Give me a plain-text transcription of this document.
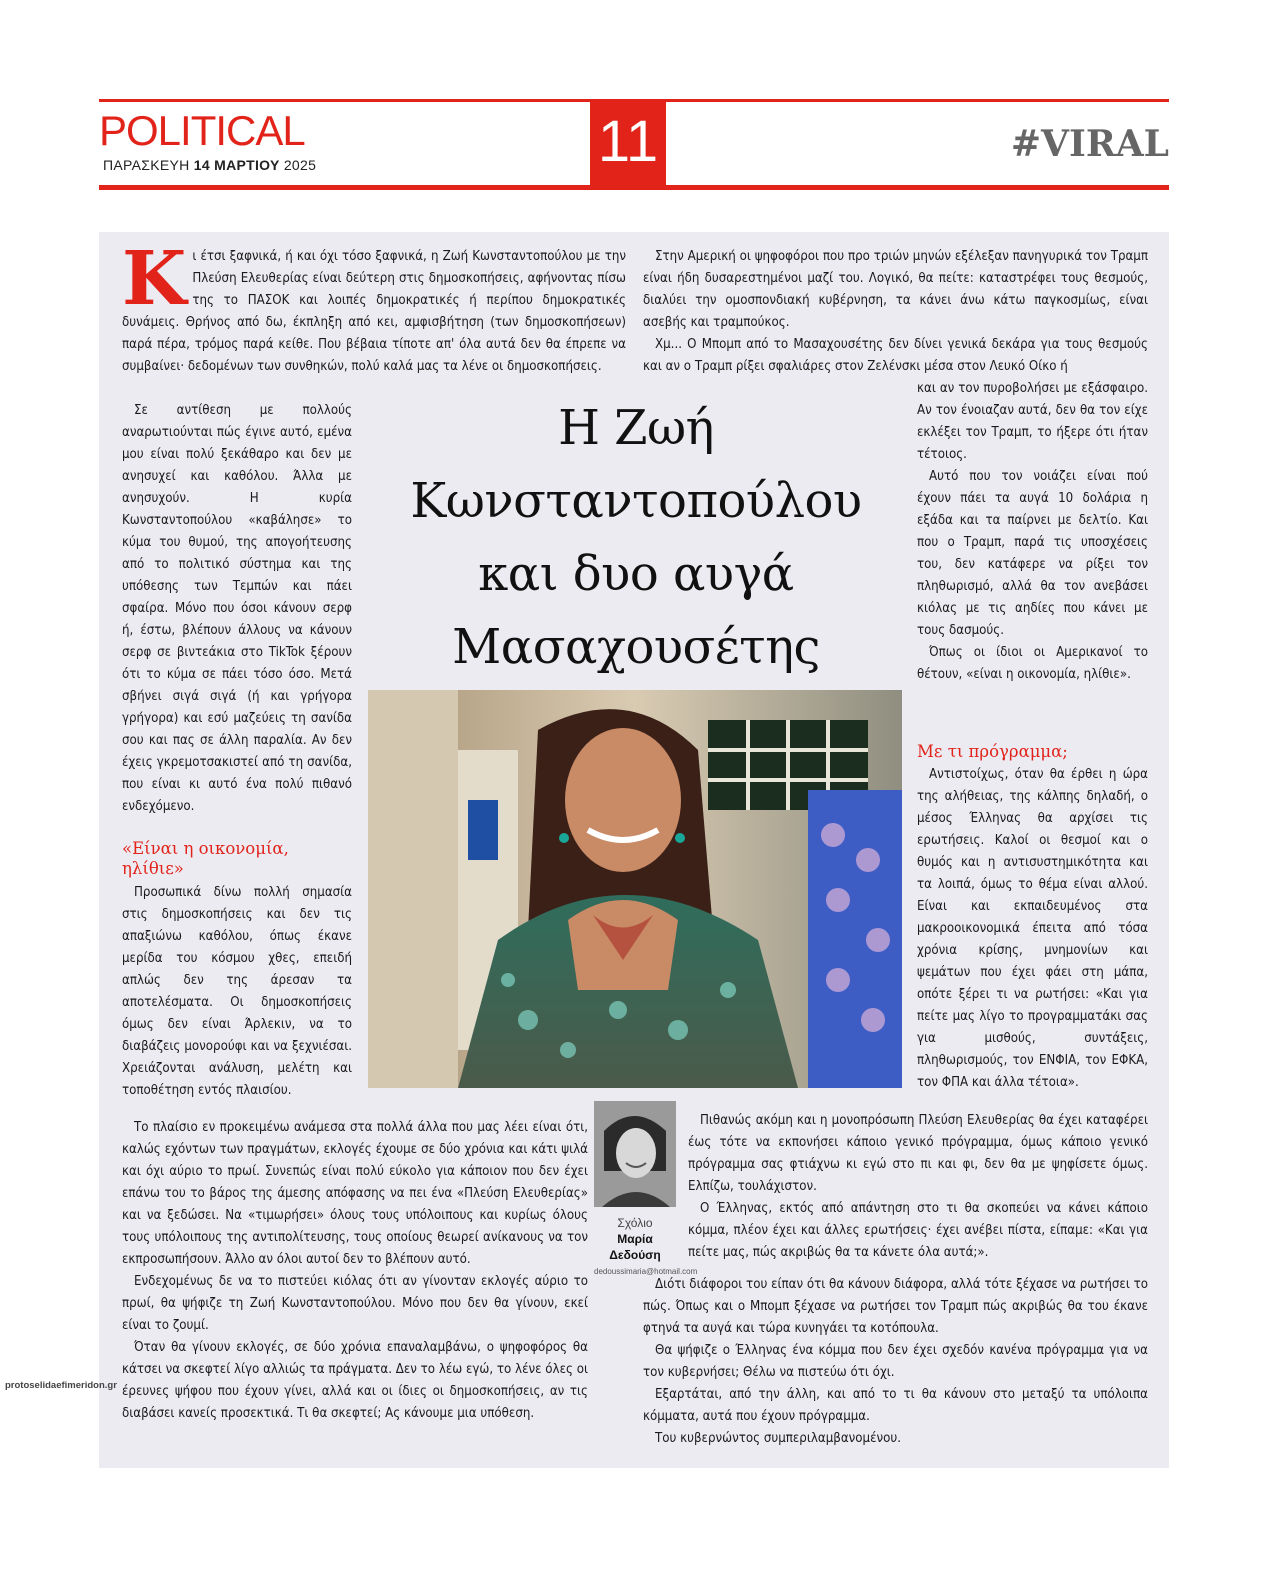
POLITICAL
ΠΑΡΑΣΚΕΥΗ 14 ΜΑΡΤΙΟΥ 2025	11	#VIRAL
Κ ι έτσι ξαφνικά, ή και όχι τόσο ξαφνικά, η Ζωή Κωνσταντοπούλου με την Πλεύση Ελευθερίας είναι δεύτερη στις δημοσκοπήσεις, αφήνοντας πίσω της το ΠΑΣΟΚ και λοιπές δημοκρατικές ή περίπου δημοκρατικές δυνάμεις. Θρήνος από δω, έκπληξη από κει, αμφισβήτηση (των δημοσκοπήσεων) παρά πέρα, τρόμος παρά κείθε. Που βέβαια τίποτε απ' όλα αυτά δεν θα έπρεπε να συμβαίνει· δεδομένων των συνθηκών, πολύ καλά μας τα λένε οι δημοσκοπήσεις.

Σε αντίθεση με πολλούς αναρωτιούνται πώς έγινε αυτό, εμένα μου είναι πολύ ξεκάθαρο και δεν με ανησυχεί και καθόλου. Άλλα με ανησυχούν. Η κυρία Κωνσταντοπούλου «καβάλησε» το κύμα του θυμού, της απογοήτευσης από το πολιτικό σύστημα και της υπόθεσης των Τεμπών και πάει σφαίρα. Μόνο που όσοι κάνουν σερφ ή, έστω, βλέπουν άλλους να κάνουν σερφ σε βιντεάκια στο TikTok ξέρουν ότι το κύμα σε πάει τόσο όσο. Μετά σβήνει σιγά σιγά (ή και γρήγορα γρήγορα) και εσύ μαζεύεις τη σανίδα σου και πας σε άλλη παραλία. Αν δεν έχεις γκρεμοτσακιστεί από τη σανίδα, που είναι κι αυτό ένα πολύ πιθανό ενδεχόμενο.

«Είναι η οικονομία, ηλίθιε»

Προσωπικά δίνω πολλή σημασία στις δημοσκοπήσεις και δεν τις απαξιώνω καθόλου, όπως έκανε μερίδα του κόσμου χθες, επειδή απλώς δεν της άρεσαν τα αποτελέσματα. Οι δημοσκοπήσεις όμως δεν είναι Άρλεκιν, να το διαβάζεις μονορούφι και να ξεχνιέσαι. Χρειάζονται ανάλυση, μελέτη και τοποθέτηση εντός πλαισίου.

Η Ζωή
Κωνσταντοπούλου
και δυο αυγά
Μασαχουσέτης

Στην Αμερική οι ψηφοφόροι που προ τριών μηνών εξέλεξαν πανηγυρικά τον Τραμπ είναι ήδη δυσαρεστημένοι μαζί του. Λογικό, θα πείτε: καταστρέφει τους θεσμούς, διαλύει την ομοσπονδιακή κυβέρνηση, τα κάνει άνω κάτω παγκοσμίως, είναι ασεβής και τραμπούκος.

Χμ... Ο Μπομπ από το Μασαχουσέτης δεν δίνει γενικά δεκάρα για τους θεσμούς και αν ο Τραμπ ρίξει σφαλιάρες στον Ζελένσκι μέσα στον Λευκό Οίκο ή

και αν τον πυροβολήσει με εξάσφαιρο. Αν τον ένοιαζαν αυτά, δεν θα τον είχε εκλέξει τον Τραμπ, το ήξερε ότι ήταν τέτοιος.

Αυτό που τον νοιάζει είναι πού έχουν πάει τα αυγά 10 δολάρια η εξάδα και τα παίρνει με δελτίο. Και που ο Τραμπ, παρά τις υποσχέσεις του, δεν κατάφερε να ρίξει τον πληθωρισμό, αλλά θα τον ανεβάσει κιόλας με τις αηδίες που κάνει με τους δασμούς.

Όπως οι ίδιοι οι Αμερικανοί το θέτουν, «είναι η οικονομία, ηλίθιε».

Με τι πρόγραμμα;

Αντιστοίχως, όταν θα έρθει η ώρα της αλήθειας, της κάλπης δηλαδή, ο μέσος Έλληνας θα αρχίσει τις ερωτήσεις. Καλοί οι θεσμοί και ο θυμός και η αντισυστημικότητα και τα λοιπά, όμως το θέμα είναι αλλού. Είναι και εκπαιδευμένος στα μακροοικονομικά έπειτα από τόσα χρόνια κρίσης, μνημονίων και ψεμάτων που έχει φάει στη μάπα, οπότε ξέρει τι να ρωτήσει: «Και για πείτε μας λίγο το προγραμματάκι σας για μισθούς, συντάξεις, πληθωρισμούς, τον ΕΝΦΙΑ, τον ΕΦΚΑ, τον ΦΠΑ και άλλα τέτοια».

Το πλαίσιο εν προκειμένω ανάμεσα στα πολλά άλλα που μας λέει είναι ότι, καλώς εχόντων των πραγμάτων, εκλογές έχουμε σε δύο χρόνια και κάτι ψιλά και όχι αύριο το πρωί. Συνεπώς είναι πολύ εύκολο για κάποιον που δεν έχει επάνω του το βάρος της άμεσης απόφασης να πει ένα «Πλεύση Ελευθερίας» και να ξεδώσει. Να «τιμωρήσει» όλους τους υπόλοιπους και κυρίως όλους τους υπόλοιπους της αντιπολίτευσης, τους οποίους θεωρεί ανίκανους να τον εκπροσωπήσουν. Άλλο αν όλοι αυτοί δεν το βλέπουν αυτό.

Ενδεχομένως δε να το πιστεύει κιόλας ότι αν γίνονταν εκλογές αύριο το πρωί, θα ψήφιζε τη Ζωή Κωνσταντοπούλου. Μόνο που δεν θα γίνουν, εκεί είναι το ζουμί.

Όταν θα γίνουν εκλογές, σε δύο χρόνια επαναλαμβάνω, ο ψηφοφόρος θα κάτσει να σκεφτεί λίγο αλλιώς τα πράγματα. Δεν το λέω εγώ, το λένε όλες οι έρευνες ψήφου που έχουν γίνει, αλλά και οι ίδιες οι δημοσκοπήσεις, αν τις διαβάσει κανείς προσεκτικά. Τι θα σκεφτεί; Ας κάνουμε μια υπόθεση.

Σχόλιο
Μαρία
Δεδούση
dedoussimaria@hotmail.com

Πιθανώς ακόμη και η μονοπρόσωπη Πλεύση Ελευθερίας θα έχει καταφέρει έως τότε να εκπονήσει κάποιο γενικό πρόγραμμα, όμως κάποιο γενικό πρόγραμμα σας φτιάχνω κι εγώ στο πι και φι, δεν θα με ψηφίσετε όμως. Ελπίζω, τουλάχιστον.

Ο Έλληνας, εκτός από απάντηση στο τι θα σκοπεύει να κάνει κάποιο κόμμα, πλέον έχει και άλλες ερωτήσεις· έχει ανέβει πίστα, είπαμε: «Και για πείτε μας, πώς ακριβώς θα τα κάνετε όλα αυτά;».

Διότι διάφοροι του είπαν ότι θα κάνουν διάφορα, αλλά τότε ξέχασε να ρωτήσει το πώς. Όπως και ο Μπομπ ξέχασε να ρωτήσει τον Τραμπ πώς ακριβώς θα του έκανε φτηνά τα αυγά και τώρα κυνηγάει τα κοτόπουλα.

Θα ψήφιζε ο Έλληνας ένα κόμμα που δεν έχει σχεδόν κανένα πρόγραμμα για να τον κυβερνήσει; Θέλω να πιστεύω ότι όχι.

Εξαρτάται, από την άλλη, και από το τι θα κάνουν στο μεταξύ τα υπόλοιπα κόμματα, αυτά που έχουν πρόγραμμα.

Του κυβερνώντος συμπεριλαμβανομένου.

protoselidaefimeridon.gr
